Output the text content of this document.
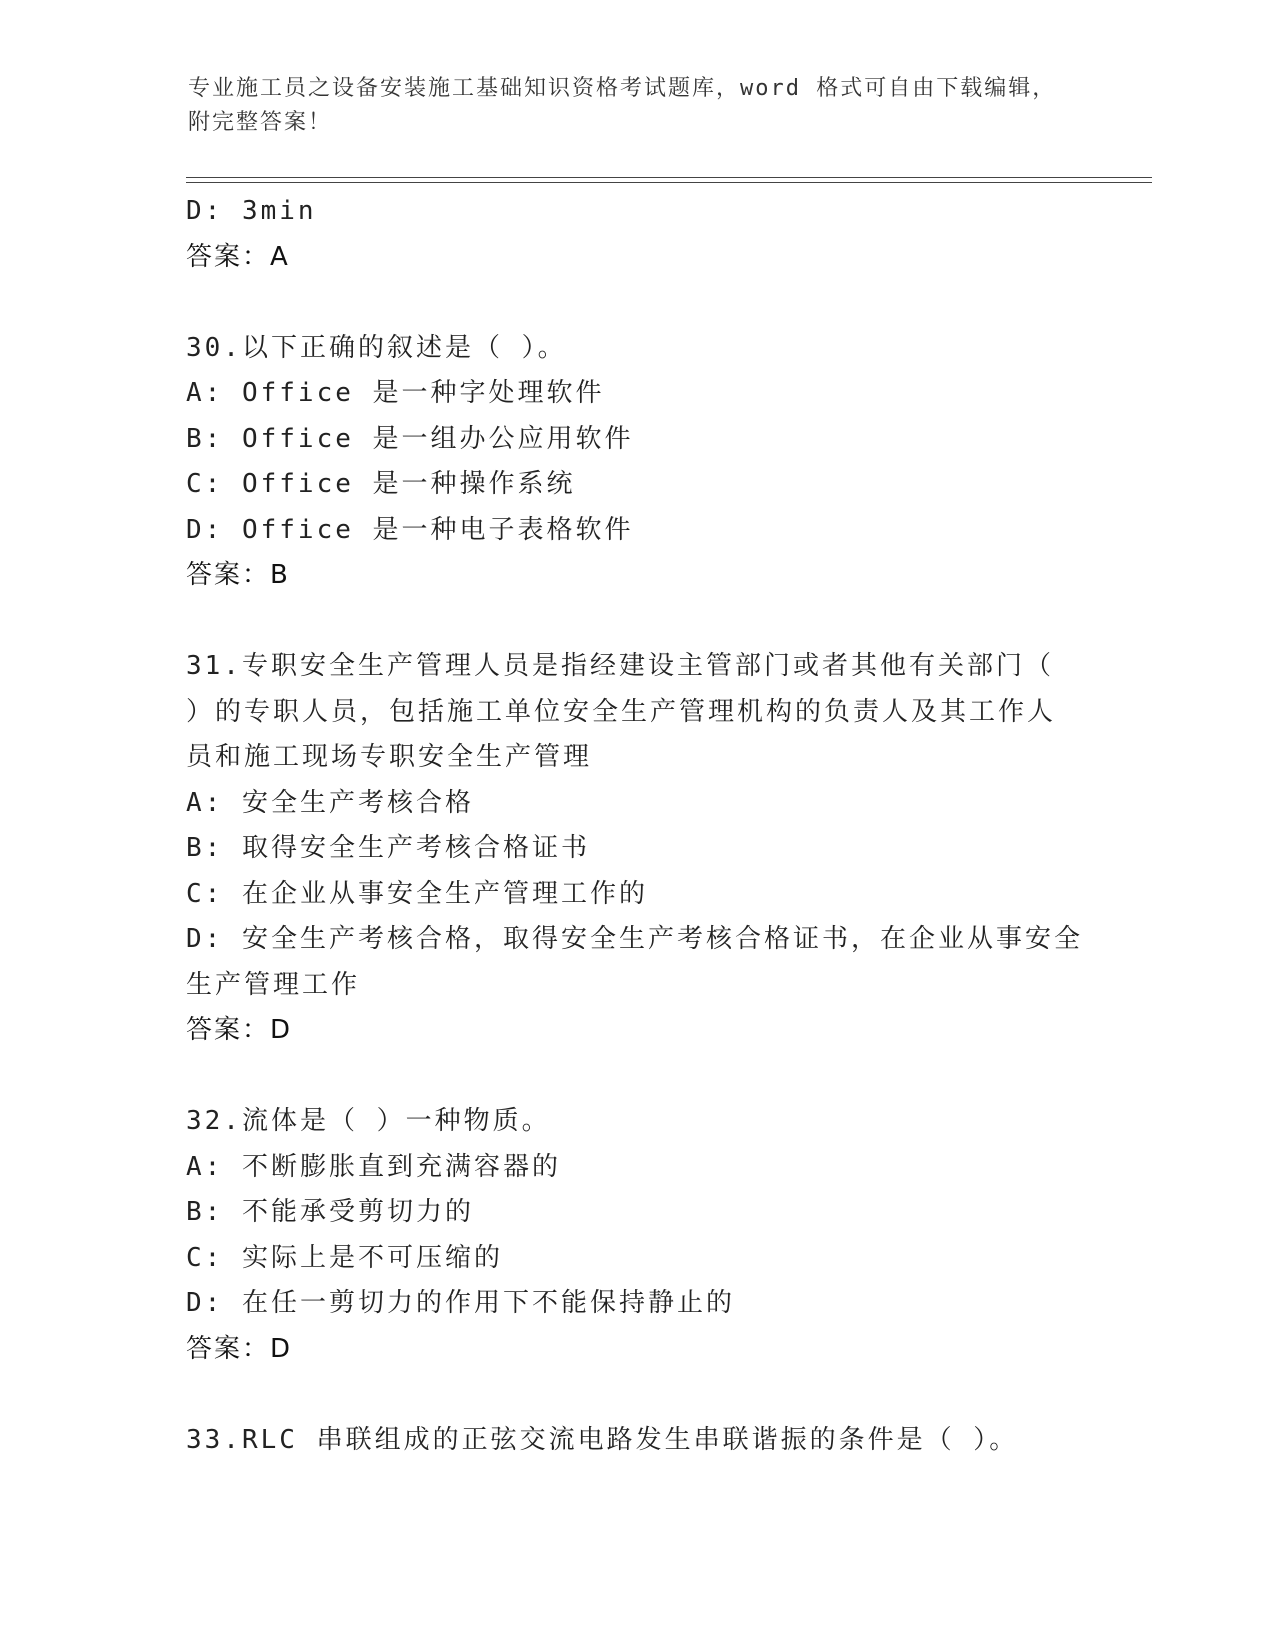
专业施工员之设备安装施工基础知识资格考试题库，word 格式可自由下载编辑，
附完整答案！
D: 3min
答案：A
30.以下正确的叙述是（ ）。
A: Office 是一种字处理软件
B: Office 是一组办公应用软件
C: Office 是一种操作系统
D: Office 是一种电子表格软件
答案：B
31.专职安全生产管理人员是指经建设主管部门或者其他有关部门（
）的专职人员，包括施工单位安全生产管理机构的负责人及其工作人
员和施工现场专职安全生产管理
A: 安全生产考核合格
B: 取得安全生产考核合格证书
C: 在企业从事安全生产管理工作的
D: 安全生产考核合格，取得安全生产考核合格证书，在企业从事安全
生产管理工作
答案：D
32.流体是（ ）一种物质。
A: 不断膨胀直到充满容器的
B: 不能承受剪切力的
C: 实际上是不可压缩的
D: 在任一剪切力的作用下不能保持静止的
答案：D
33.RLC 串联组成的正弦交流电路发生串联谐振的条件是（ ）。
